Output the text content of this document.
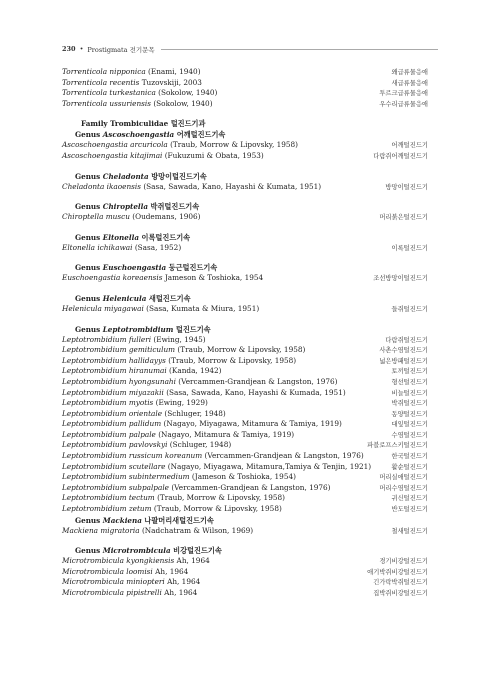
230 • Prostigmata 전기문목
Torrenticola nipponica (Enami, 1940)	왜급류물응애
Torrenticola recentis Tuzovskiji, 2003	새급류물응애
Torrenticola turkestanica (Sokolow, 1940)	투르크급류물응애
Torrenticola ussuriensis (Sokolow, 1940)	우수리급류물응애
Family Trombiculidae 털진드기과
Genus Ascoschoengastia 어깨털진드기속
Ascoschoengastia arcuricola (Traub, Morrow & Lipovsky, 1958)	어깨털진드기
Ascoschoengastia kitajimai (Fukuzumi & Obata, 1953)	다람쥐어깨털진드기
Genus Cheladonta 방망이털진드기속
Cheladonta ikaoensis (Sasa, Sawada, Kano, Hayashi & Kumata, 1951)	방망이털진드기
Genus Chiroptella 박쥐털진드기속
Chiroptella muscu (Oudemans, 1906)	머리붉은털진드기
Genus Eltonella 이록털진드기속
Eltonella ichikawai (Sasa, 1952)	이록털진드기
Genus Euschoengastia 둥근털진드기속
Euschoengastia koreaensis Jameson & Toshioka, 1954	조선방망이털진드기
Genus Helenicula 새털진드기속
Helenicula miyagawai (Sasa, Kumata & Miura, 1951)	들쥐털진드기
Genus Leptotrombidium 털진드기속
Leptotrombidium fulleri (Ewing, 1945)	다람쥐털진드기
Leptotrombidium gemiticulum (Traub, Morrow & Lipovsky, 1958)	사촌수염털진드기
Leptotrombidium hallidayys (Traub, Morrow & Lipovsky, 1958)	넓은방패털진드기
Leptotrombidium hiranumai (Kanda, 1942)	토끼털진드기
Leptotrombidium hyongsunahi (Vercammen-Grandjean & Langston, 1976)	형선털진드기
Leptotrombidium miyazakii (Sasa, Sawada, Kano, Hayashi & Kumada, 1951)	비늘털진드기
Leptotrombidium myotis (Ewing, 1929)	박쥐털진드기
Leptotrombidium orientale (Schluger, 1948)	동양털진드기
Leptotrombidium pallidum (Nagayo, Miyagawa, Mitamura & Tamiya, 1919)	대잎털진드기
Leptotrombidium palpale (Nagayo, Mitamura & Tamiya, 1919)	수염털진드기
Leptotrombidium pavlovskyi (Schluger, 1948)	파블로프스키털진드기
Leptotrombidium russicum koreanum (Vercammen-Grandjean & Langston, 1976)	한국털진드기
Leptotrombidium scutellare (Nagayo, Miyagawa, Mitamura,Tamiya & Tenjin, 1921)	활순털진드기
Leptotrombidium subintermedium (Jameson & Toshioka, 1954)	머리실애털진드기
Leptotrombidium subpalpale (Vercammen-Grandjean & Langston, 1976)	머리수염털진드기
Leptotrombidium tectum (Traub, Morrow & Lipovsky, 1958)	귀신털진드기
Leptotrombidium zetum (Traub, Morrow & Lipovsky, 1958)	반도털진드기
Genus Mackiena 나팔머리새털진드기속
Mackiena migratoria (Nadchatram & Wilson, 1969)	철새털진드기
Genus Microtrombicula 비강털진드기속
Microtrombicula kyongkiensis Ah, 1964	경기비강털진드기
Microtrombicula loomisi Ah, 1964	애기박쥐비강털진드기
Microtrombicula miniopteri Ah, 1964	긴가락박쥐털진드기
Microtrombicula pipistrelli Ah, 1964	집박쥐비강털진드기
